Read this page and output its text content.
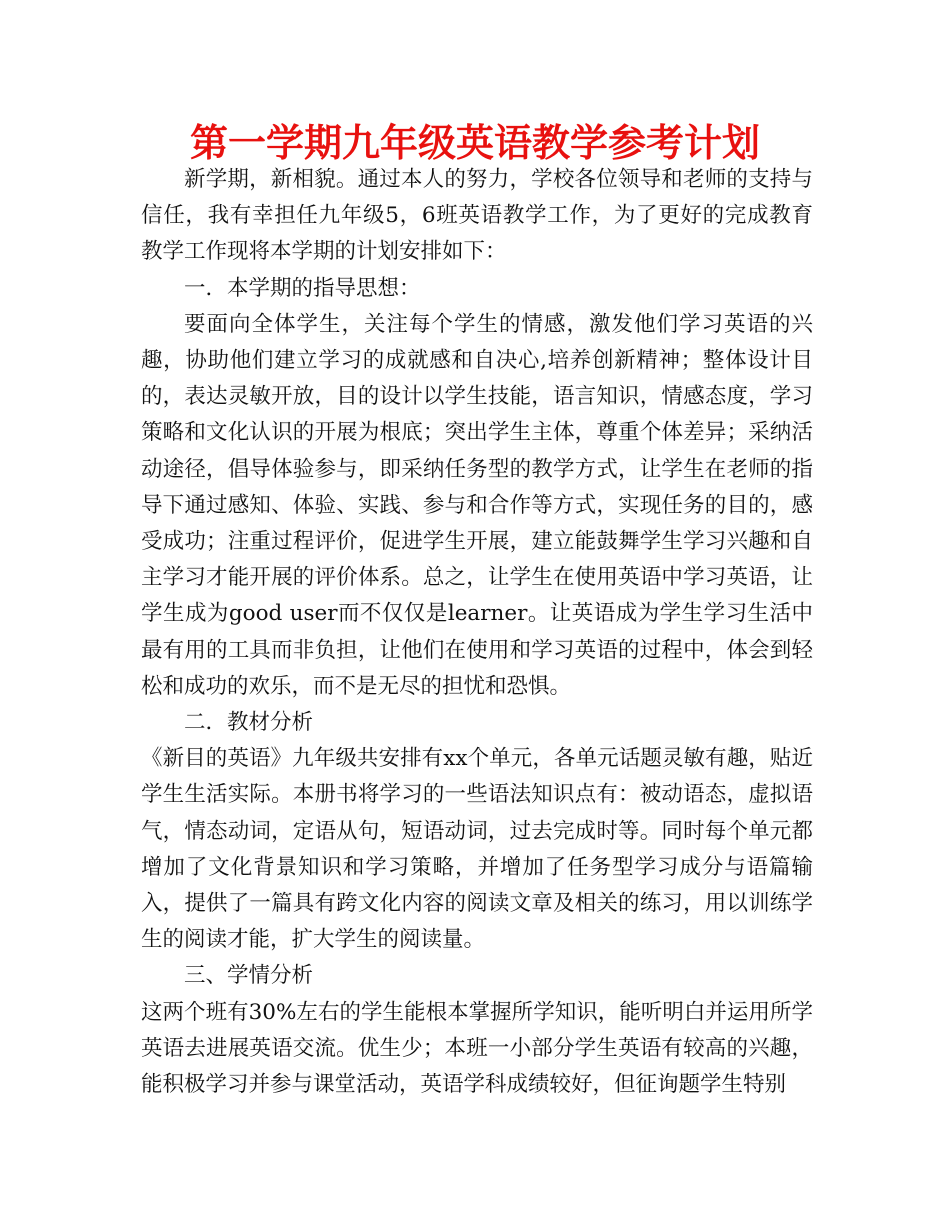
第一学期九年级英语教学参考计划

新学期，新相貌。通过本人的努力，学校各位领导和老师的支持与信任，我有幸担任九年级5，6班英语教学工作，为了更好的完成教育教学工作现将本学期的计划安排如下：

一．本学期的指导思想：

要面向全体学生，关注每个学生的情感，激发他们学习英语的兴趣，协助他们建立学习的成就感和自决心,培养创新精神；整体设计目的，表达灵敏开放，目的设计以学生技能，语言知识，情感态度，学习策略和文化认识的开展为根底；突出学生主体，尊重个体差异；采纳活动途径，倡导体验参与，即采纳任务型的教学方式，让学生在老师的指导下通过感知、体验、实践、参与和合作等方式，实现任务的目的，感受成功；注重过程评价，促进学生开展，建立能鼓舞学生学习兴趣和自主学习才能开展的评价体系。总之，让学生在使用英语中学习英语，让学生成为good user而不仅仅是learner。让英语成为学生学习生活中最有用的工具而非负担，让他们在使用和学习英语的过程中，体会到轻松和成功的欢乐，而不是无尽的担忧和恐惧。

二．教材分析

《新目的英语》九年级共安排有xx个单元，各单元话题灵敏有趣，贴近学生生活实际。本册书将学习的一些语法知识点有：被动语态，虚拟语气，情态动词，定语从句，短语动词，过去完成时等。同时每个单元都增加了文化背景知识和学习策略，并增加了任务型学习成分与语篇输入，提供了一篇具有跨文化内容的阅读文章及相关的练习，用以训练学生的阅读才能，扩大学生的阅读量。

三、学情分析

这两个班有30%左右的学生能根本掌握所学知识，能听明白并运用所学英语去进展英语交流。优生少；本班一小部分学生英语有较高的兴趣，能积极学习并参与课堂活动，英语学科成绩较好，但征询题学生特别
